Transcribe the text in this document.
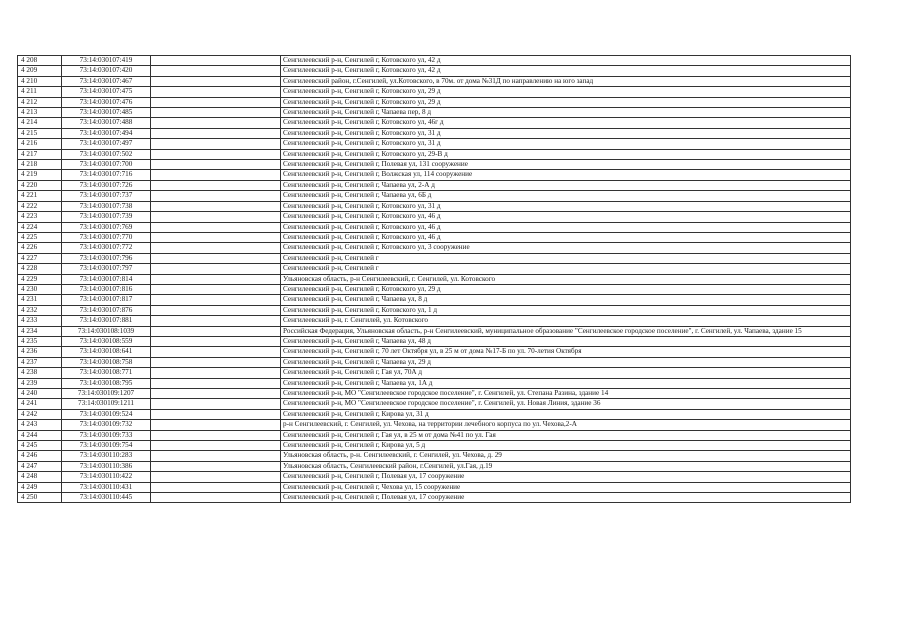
4 208	73:14:030107:419		Сенгилеевский р-н, Сенгилей г, Котовского ул, 42 д
4 209	73:14:030107:420		Сенгилеевский р-н, Сенгилей г, Котовского ул, 42 д
4 210	73:14:030107:467		Сенгилеевский район, г.Сенгилей, ул.Котовского, в 70м. от дома №31Д по направлению на юго запад
4 211	73:14:030107:475		Сенгилеевский р-н, Сенгилей г, Котовского ул, 29 д
4 212	73:14:030107:476		Сенгилеевский р-н, Сенгилей г, Котовского ул, 29 д
4 213	73:14:030107:485		Сенгилеевский р-н, Сенгилей г, Чапаева пер, 8 д
4 214	73:14:030107:488		Сенгилеевский р-н, Сенгилей г, Котовского ул, 46г д
4 215	73:14:030107:494		Сенгилеевский р-н, Сенгилей г, Котовского ул, 31 д
4 216	73:14:030107:497		Сенгилеевский р-н, Сенгилей г, Котовского ул, 31 д
4 217	73:14:030107:502		Сенгилеевский р-н, Сенгилей г, Котовского ул, 29-В д
4 218	73:14:030107:700		Сенгилеевский р-н, Сенгилей г, Полевая ул, 131 сооружение
4 219	73:14:030107:716		Сенгилеевский р-н, Сенгилей г, Волжская ул, 114 сооружение
4 220	73:14:030107:726		Сенгилеевский р-н, Сенгилей г, Чапаева ул, 2-А д
4 221	73:14:030107:737		Сенгилеевский р-н, Сенгилей г, Чапаева ул, 6Б д
4 222	73:14:030107:738		Сенгилеевский р-н, Сенгилей г, Котовского ул, 31 д
4 223	73:14:030107:739		Сенгилеевский р-н, Сенгилей г, Котовского ул, 46 д
4 224	73:14:030107:769		Сенгилеевский р-н, Сенгилей г, Котовского ул, 46 д
4 225	73:14:030107:770		Сенгилеевский р-н, Сенгилей г, Котовского ул, 46 д
4 226	73:14:030107:772		Сенгилеевский р-н, Сенгилей г, Котовского ул, 3 сооружение
4 227	73:14:030107:796		Сенгилеевский р-н, Сенгилей г
4 228	73:14:030107:797		Сенгилеевский р-н, Сенгилей г
4 229	73:14:030107:814		Ульяновская область, р-н Сенгилеевский, г. Сенгилей, ул. Котовского
4 230	73:14:030107:816		Сенгилеевский р-н, Сенгилей г, Котовского ул, 29 д
4 231	73:14:030107:817		Сенгилеевский р-н, Сенгилей г, Чапаева ул, 8 д
4 232	73:14:030107:876		Сенгилеевский р-н, Сенгилей г, Котовского ул, 1 д
4 233	73:14:030107:881		Сенгилеевский р-н, г. Сенгилей, ул. Котовского
4 234	73:14:030108:1039		Российская Федерация, Ульяновская область, р-н Сенгилеевский, муниципальное образование "Сенгилеевское городское поселение", г. Сенгилей, ул. Чапаева, здание 15
4 235	73:14:030108:559		Сенгилеевский р-н, Сенгилей г, Чапаева ул, 48 д
4 236	73:14:030108:641		Сенгилеевский р-н, Сенгилей г, 70 лет Октября ул, в 25 м от дома №17-Б по ул. 70-летия Октября
4 237	73:14:030108:758		Сенгилеевский р-н, Сенгилей г, Чапаева ул, 29 д
4 238	73:14:030108:771		Сенгилеевский р-н, Сенгилей г, Гая ул, 70А д
4 239	73:14:030108:795		Сенгилеевский р-н, Сенгилей г, Чапаева ул, 1А д
4 240	73:14:030109:1207		Сенгилеевский р-н, МО "Сенгилеевское городское поселение", г. Сенгилей, ул. Степана Разина, здание 14
4 241	73:14:030109:1211		Сенгилеевский р-н, МО "Сенгилеевское городское поселение", г. Сенгилей, ул. Новая Линия, здание 36
4 242	73:14:030109:524		Сенгилеевский р-н, Сенгилей г, Кирова ул, 31 д
4 243	73:14:030109:732		р-н Сенгилеевский, г. Сенгилей, ул. Чехова, на территории лечебного корпуса по ул. Чехова,2-А
4 244	73:14:030109:733		Сенгилеевский р-н, Сенгилей г, Гая ул, в 25 м от дома №41 по ул. Гая
4 245	73:14:030109:754		Сенгилеевский р-н, Сенгилей г, Кирова ул, 5 д
4 246	73:14:030110:283		Ульяновская область, р-н. Сенгилеевский, г. Сенгилей, ул. Чехова, д. 29
4 247	73:14:030110:386		Ульяновская область, Сенгилеевский район, г.Сенгилей, ул.Гая, д.19
4 248	73:14:030110:422		Сенгилеевский р-н, Сенгилей г, Полевая ул, 17 сооружение
4 249	73:14:030110:431		Сенгилеевский р-н, Сенгилей г, Чехова ул, 15 сооружение
4 250	73:14:030110:445		Сенгилеевский р-н, Сенгилей г, Полевая ул, 17 сооружение
